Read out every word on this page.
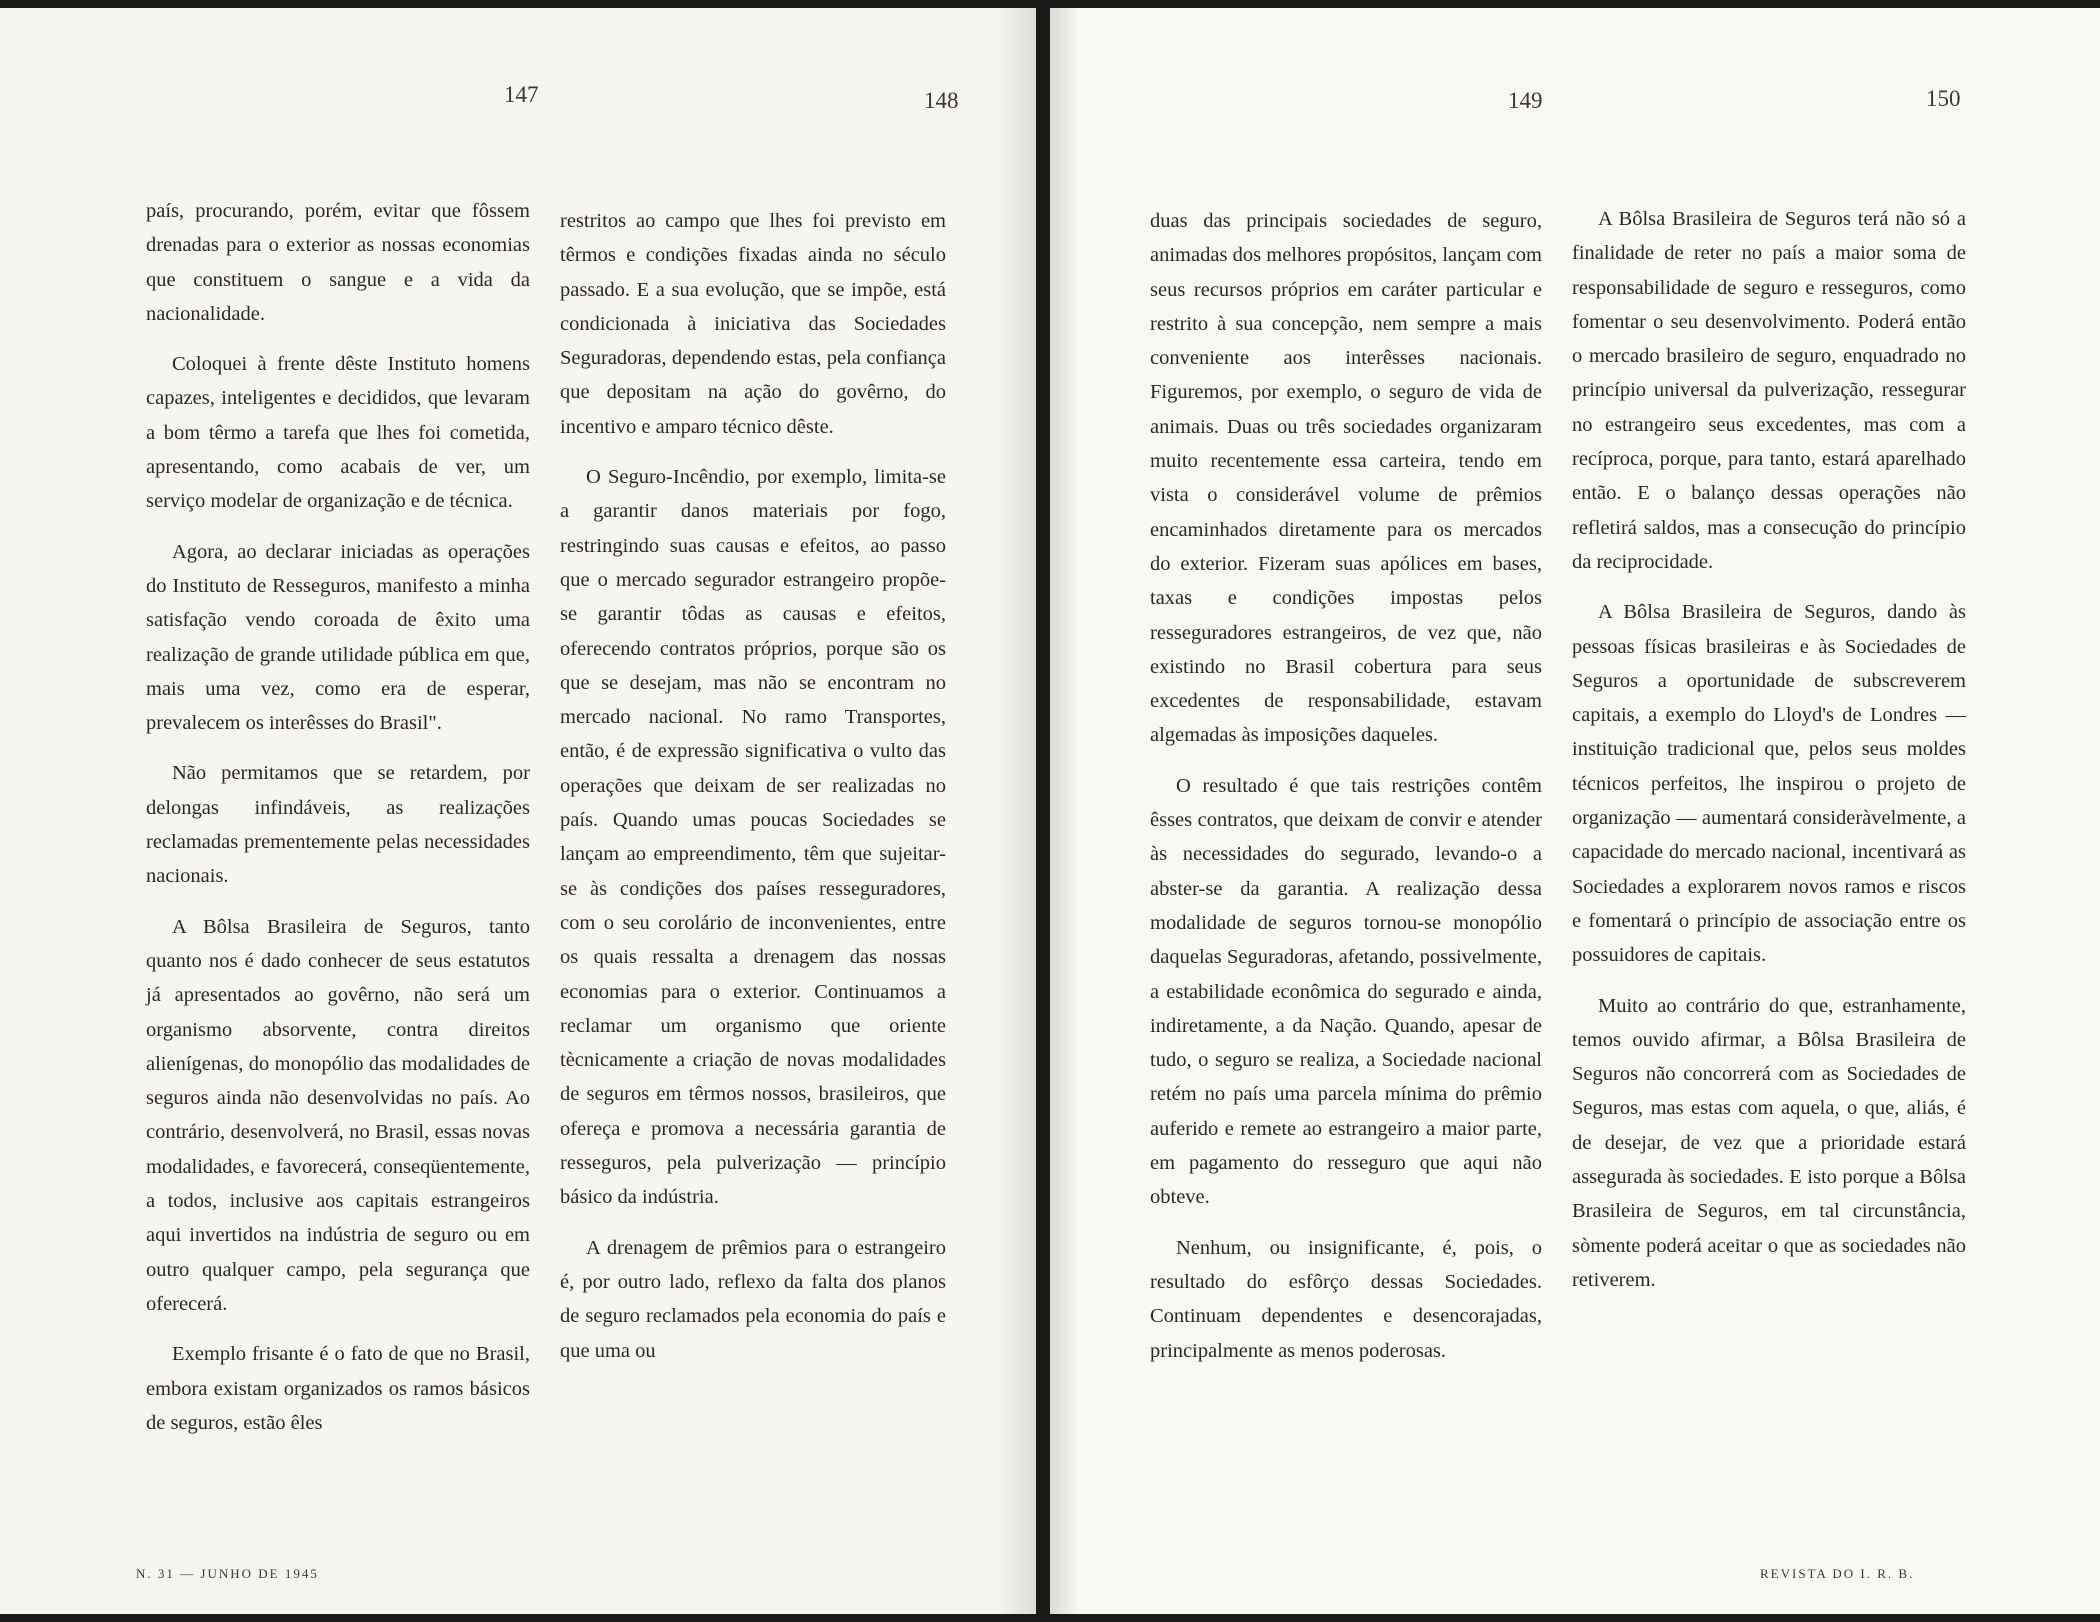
147	148

país, procurando, porém, evitar que fôssem drenadas para o exterior as nossas economias que constituem o sangue e a vida da nacionalidade.

Coloquei à frente dêste Instituto homens capazes, inteligentes e decididos, que levaram a bom têrmo a tarefa que lhes foi cometida, apresentando, como acabais de ver, um serviço modelar de organização e de técnica.

Agora, ao declarar iniciadas as operações do Instituto de Resseguros, manifesto a minha satisfação vendo coroada de êxito uma realização de grande utilidade pública em que, mais uma vez, como era de esperar, prevalecem os interêsses do Brasil".

Não permitamos que se retardem, por delongas infindáveis, as realizações reclamadas prementemente pelas necessidades nacionais.

A Bôlsa Brasileira de Seguros, tanto quanto nos é dado conhecer de seus estatutos já apresentados ao govêrno, não será um organismo absorvente, contra direitos alienígenas, do monopólio das modalidades de seguros ainda não desenvolvidas no país. Ao contrário, desenvolverá, no Brasil, essas novas modalidades, e favorecerá, conseqüentemente, a todos, inclusive aos capitais estrangeiros aqui invertidos na indústria de seguro ou em outro qualquer campo, pela segurança que oferecerá.

Exemplo frisante é o fato de que no Brasil, embora existam organizados os ramos básicos de seguros, estão êles

restritos ao campo que lhes foi previsto em têrmos e condições fixadas ainda no século passado. E a sua evolução, que se impõe, está condicionada à iniciativa das Sociedades Seguradoras, dependendo estas, pela confiança que depositam na ação do govêrno, do incentivo e amparo técnico dêste.

O Seguro-Incêndio, por exemplo, limita-se a garantir danos materiais por fogo, restringindo suas causas e efeitos, ao passo que o mercado segurador estrangeiro propõe-se garantir tôdas as causas e efeitos, oferecendo contratos próprios, porque são os que se desejam, mas não se encontram no mercado nacional. No ramo Transportes, então, é de expressão significativa o vulto das operações que deixam de ser realizadas no país. Quando umas poucas Sociedades se lançam ao empreendimento, têm que sujeitar-se às condições dos países resseguradores, com o seu corolário de inconvenientes, entre os quais ressalta a drenagem das nossas economias para o exterior. Continuamos a reclamar um organismo que oriente tècnicamente a criação de novas modalidades de seguros em têrmos nossos, brasileiros, que ofereça e promova a necessária garantia de resseguros, pela pulverização — princípio básico da indústria.

A drenagem de prêmios para o estrangeiro é, por outro lado, reflexo da falta dos planos de seguro reclamados pela economia do país e que uma ou

N. 31 — JUNHO DE 1945
149	150

duas das principais sociedades de seguro, animadas dos melhores propósitos, lançam com seus recursos próprios em caráter particular e restrito à sua concepção, nem sempre a mais conveniente aos interêsses nacionais. Figuremos, por exemplo, o seguro de vida de animais. Duas ou três sociedades organizaram muito recentemente essa carteira, tendo em vista o considerável volume de prêmios encaminhados diretamente para os mercados do exterior. Fizeram suas apólices em bases, taxas e condições impostas pelos resseguradores estrangeiros, de vez que, não existindo no Brasil cobertura para seus excedentes de responsabilidade, estavam algemadas às imposições daqueles.

O resultado é que tais restrições contêm êsses contratos, que deixam de convir e atender às necessidades do segurado, levando-o a abster-se da garantia. A realização dessa modalidade de seguros tornou-se monopólio daquelas Seguradoras, afetando, possivelmente, a estabilidade econômica do segurado e ainda, indiretamente, a da Nação. Quando, apesar de tudo, o seguro se realiza, a Sociedade nacional retém no país uma parcela mínima do prêmio auferido e remete ao estrangeiro a maior parte, em pagamento do resseguro que aqui não obteve.

Nenhum, ou insignificante, é, pois, o resultado do esfôrço dessas Sociedades. Continuam dependentes e desencorajadas, principalmente as menos poderosas.

A Bôlsa Brasileira de Seguros terá não só a finalidade de reter no país a maior soma de responsabilidade de seguro e resseguros, como fomentar o seu desenvolvimento. Poderá então o mercado brasileiro de seguro, enquadrado no princípio universal da pulverização, ressegurar no estrangeiro seus excedentes, mas com a recíproca, porque, para tanto, estará aparelhado então. E o balanço dessas operações não refletirá saldos, mas a consecução do princípio da reciprocidade.

A Bôlsa Brasileira de Seguros, dando às pessoas físicas brasileiras e às Sociedades de Seguros a oportunidade de subscreverem capitais, a exemplo do Lloyd's de Londres — instituição tradicional que, pelos seus moldes técnicos perfeitos, lhe inspirou o projeto de organização — aumentará consideràvelmente, a capacidade do mercado nacional, incentivará as Sociedades a explorarem novos ramos e riscos e fomentará o princípio de associação entre os possuidores de capitais.

Muito ao contrário do que, estranhamente, temos ouvido afirmar, a Bôlsa Brasileira de Seguros não concorrerá com as Sociedades de Seguros, mas estas com aquela, o que, aliás, é de desejar, de vez que a prioridade estará assegurada às sociedades. E isto porque a Bôlsa Brasileira de Seguros, em tal circunstância, sòmente poderá aceitar o que as sociedades não retiverem.

REVISTA DO I. R. B.
